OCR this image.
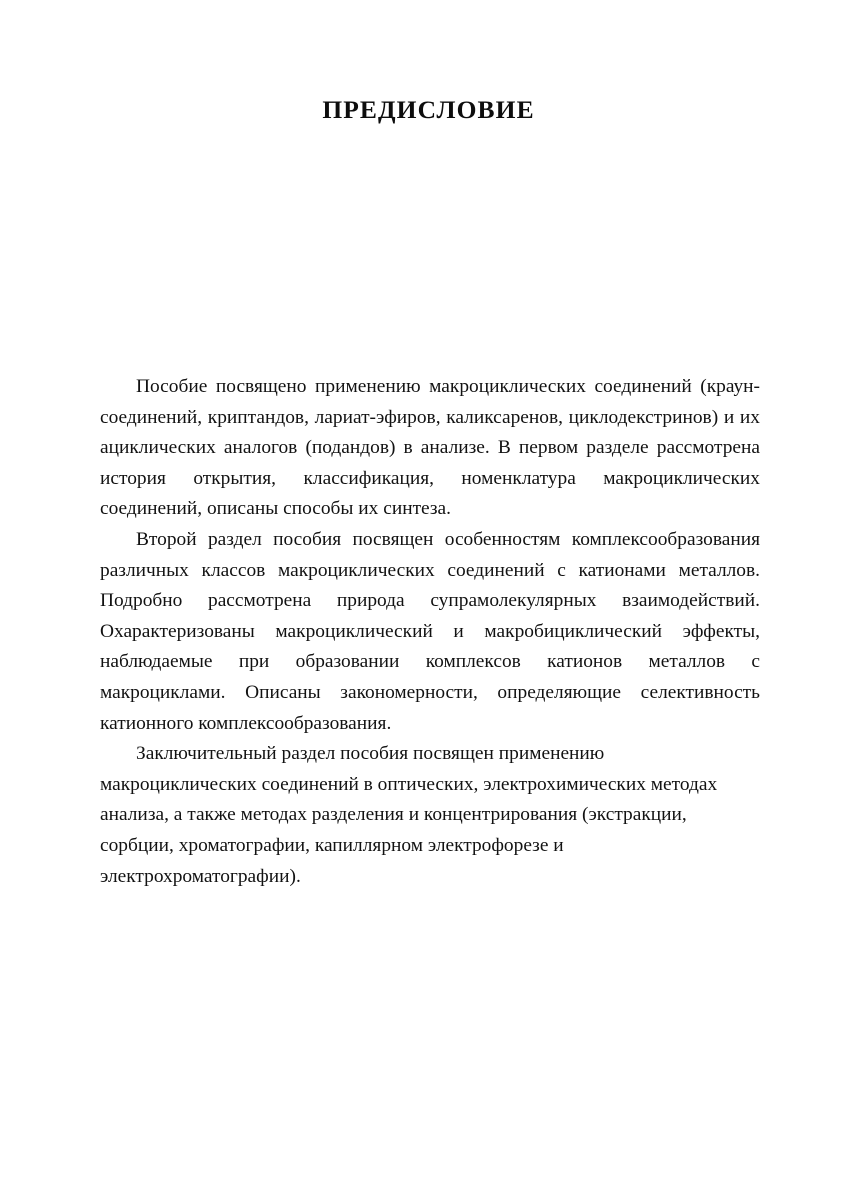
ПРЕДИСЛОВИЕ

Пособие посвящено применению макроциклических соединений (краун-соединений, криптандов, лариат-эфиров, каликсаренов, циклодекстринов) и их ациклических аналогов (подандов) в анализе. В первом разделе рассмотрена история открытия, классификация, номенклатура макроциклических соединений, описаны способы их синтеза.

Второй раздел пособия посвящен особенностям комплексообразования различных классов макроциклических соединений с катионами металлов. Подробно рассмотрена природа супрамолекулярных взаимодействий. Охарактеризованы макроциклический и макробициклический эффекты, наблюдаемые при образовании комплексов катионов металлов с макроциклами. Описаны закономерности, определяющие селективность катионного комплексообразования.

Заключительный раздел пособия посвящен применению макроциклических соединений в оптических, электрохимических методах анализа, а также методах разделения и концентрирования (экстракции, сорбции, хроматографии, капиллярном электрофорезе и электрохроматографии).
